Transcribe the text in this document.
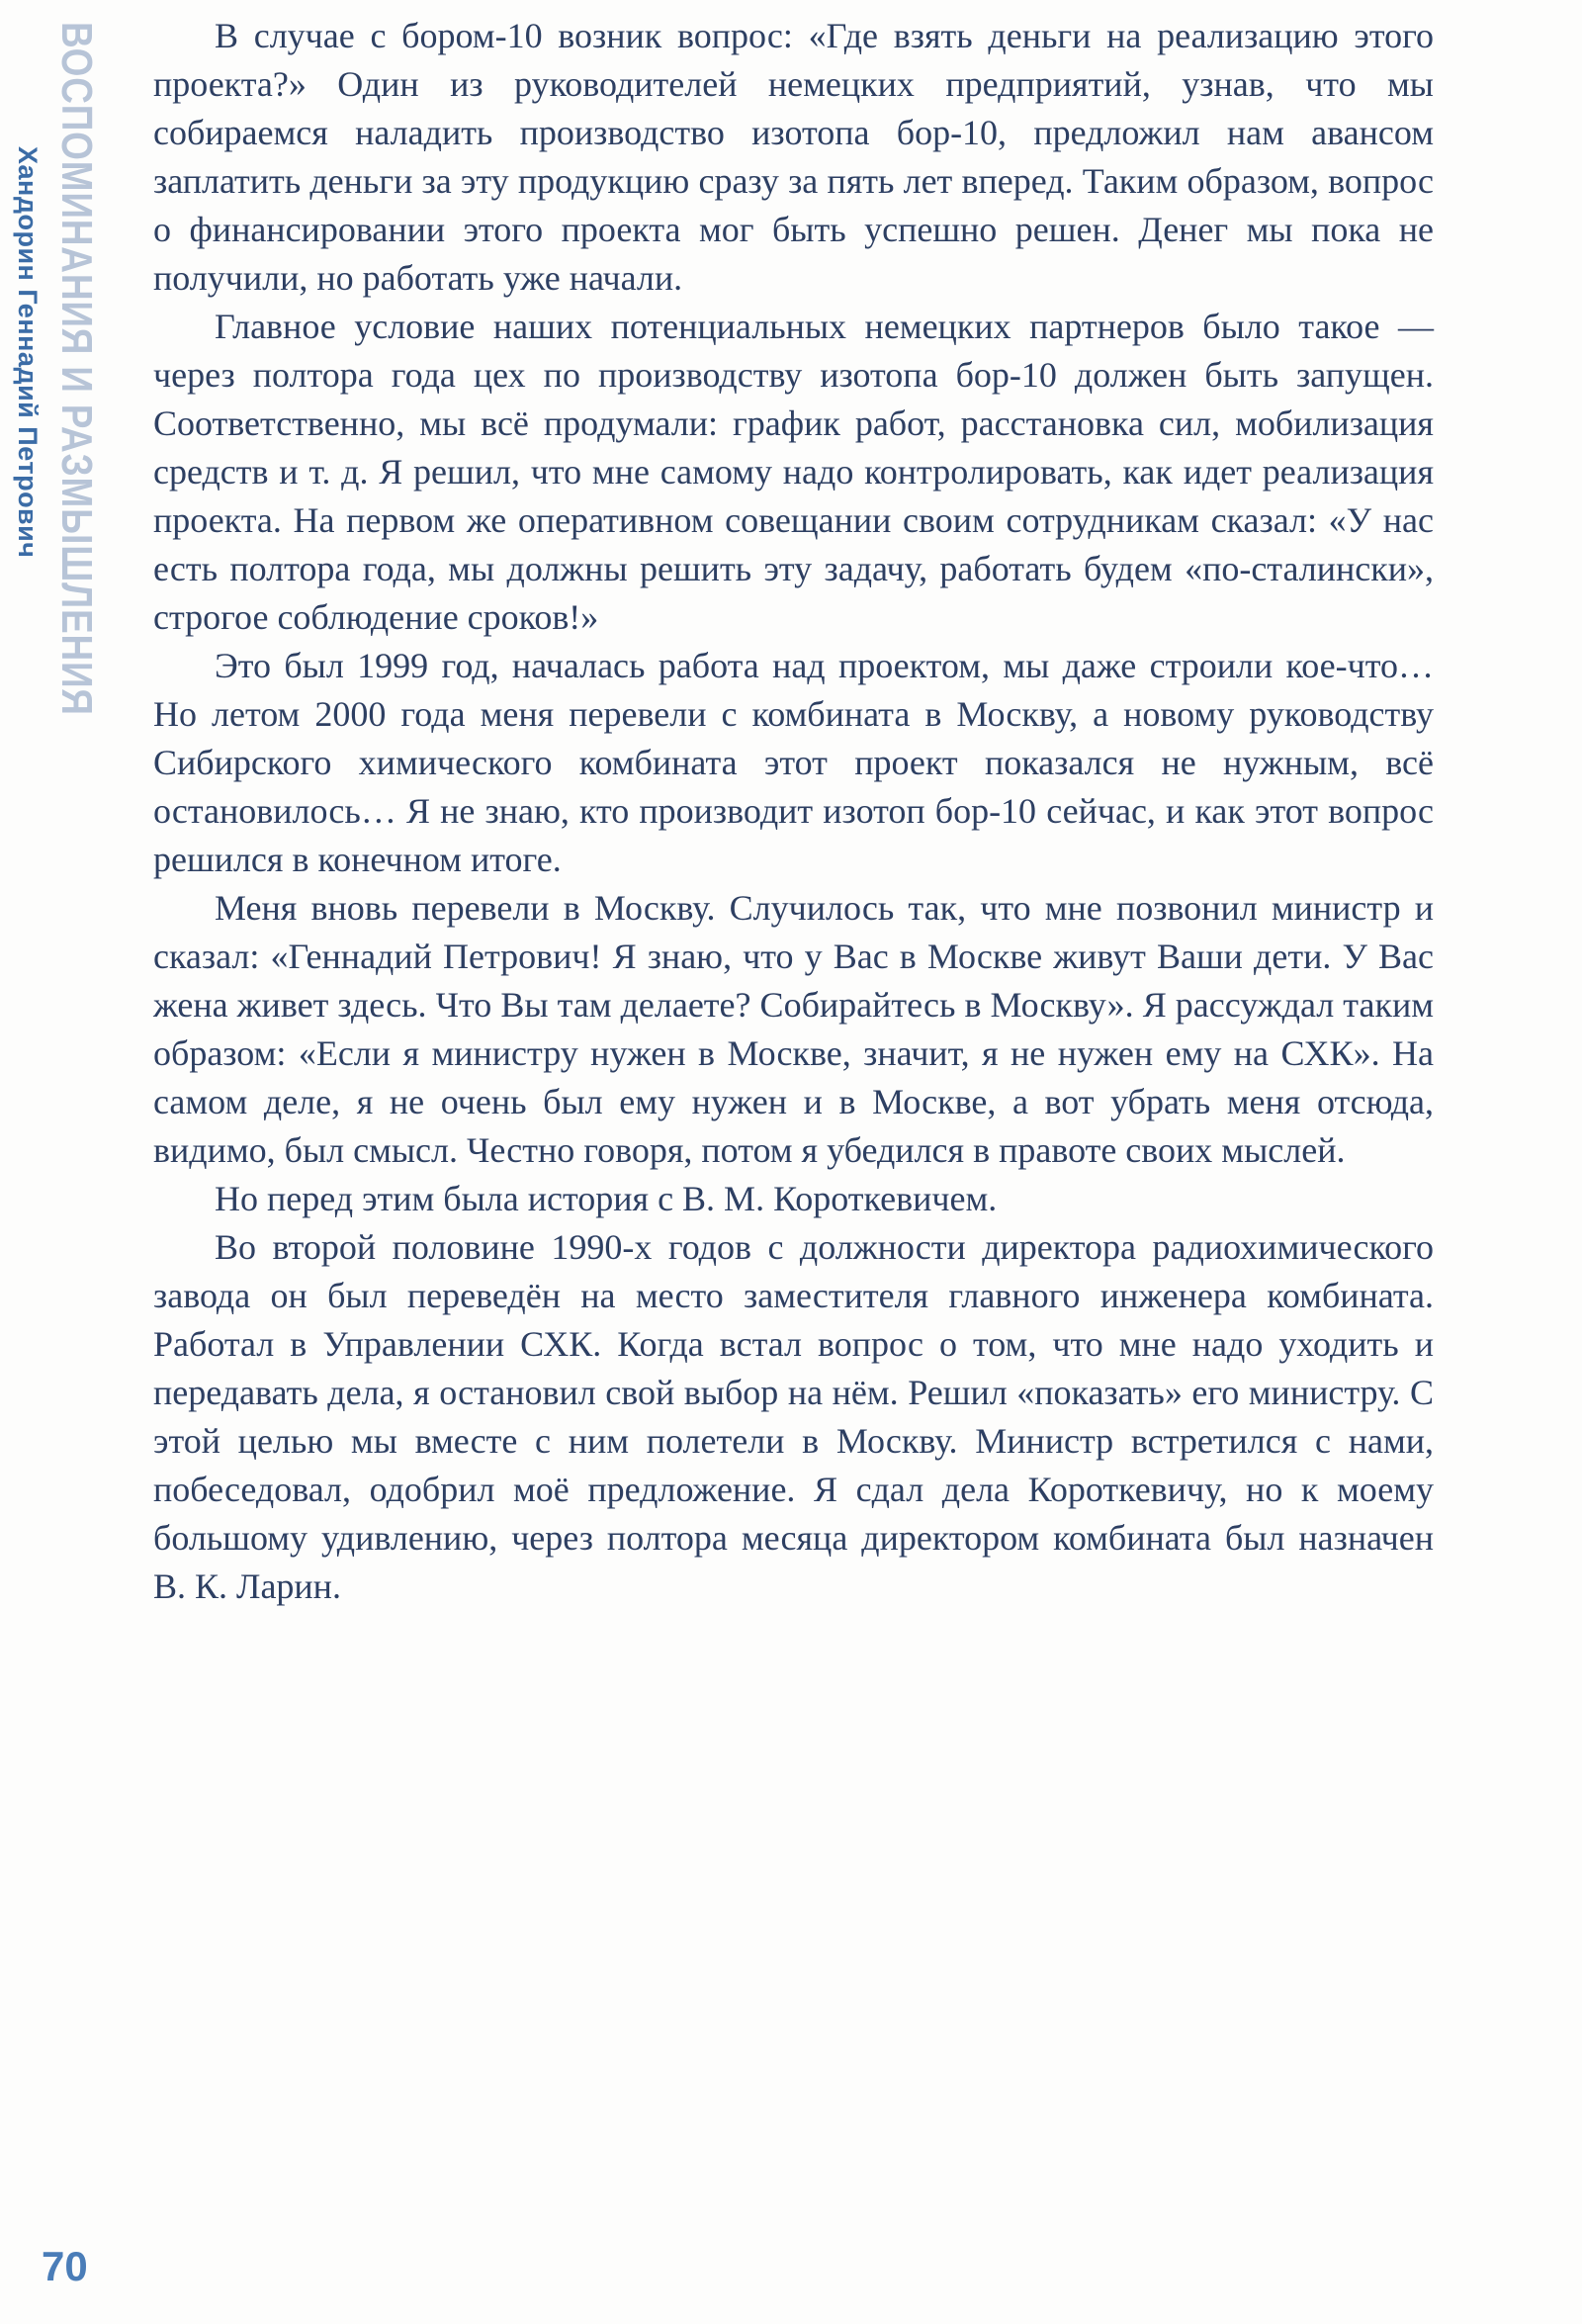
ВОСПОМИНАНИЯ И РАЗМЫШЛЕНИЯ
Хандорин Геннадий Петрович
70

В случае с бором-10 возник вопрос: «Где взять деньги на реализацию этого проекта?» Один из руководителей немецких предприятий, узнав, что мы собираемся наладить производство изотопа бор-10, предложил нам авансом заплатить деньги за эту продукцию сразу за пять лет вперед. Таким образом, вопрос о финансировании этого проекта мог быть успешно решен. Денег мы пока не получили, но работать уже начали.

Главное условие наших потенциальных немецких партнеров было такое — через полтора года цех по производству изотопа бор-10 должен быть запущен. Соответственно, мы всё продумали: график работ, расстановка сил, мобилизация средств и т. д. Я решил, что мне самому надо контролировать, как идет реализация проекта. На первом же оперативном совещании своим сотрудникам сказал: «У нас есть полтора года, мы должны решить эту задачу, работать будем «по-сталински», строгое соблюдение сроков!»

Это был 1999 год, началась работа над проектом, мы даже строили кое-что… Но летом 2000 года меня перевели с комбината в Москву, а новому руководству Сибирского химического комбината этот проект показался не нужным, всё остановилось… Я не знаю, кто производит изотоп бор-10 сейчас, и как этот вопрос решился в конечном итоге.

Меня вновь перевели в Москву. Случилось так, что мне позвонил министр и сказал: «Геннадий Петрович! Я знаю, что у Вас в Москве живут Ваши дети. У Вас жена живет здесь. Что Вы там делаете? Собирайтесь в Москву». Я рассуждал таким образом: «Если я министру нужен в Москве, значит, я не нужен ему на СХК». На самом деле, я не очень был ему нужен и в Москве, а вот убрать меня отсюда, видимо, был смысл. Честно говоря, потом я убедился в правоте своих мыслей.

Но перед этим была история с В. М. Короткевичем.

Во второй половине 1990-х годов с должности директора радиохимического завода он был переведён на место заместителя главного инженера комбината. Работал в Управлении СХК. Когда встал вопрос о том, что мне надо уходить и передавать дела, я остановил свой выбор на нём. Решил «показать» его министру. С этой целью мы вместе с ним полетели в Москву. Министр встретился с нами, побеседовал, одобрил моё предложение. Я сдал дела Короткевичу, но к моему большому удивлению, через полтора месяца директором комбината был назначен В. К. Ларин.
